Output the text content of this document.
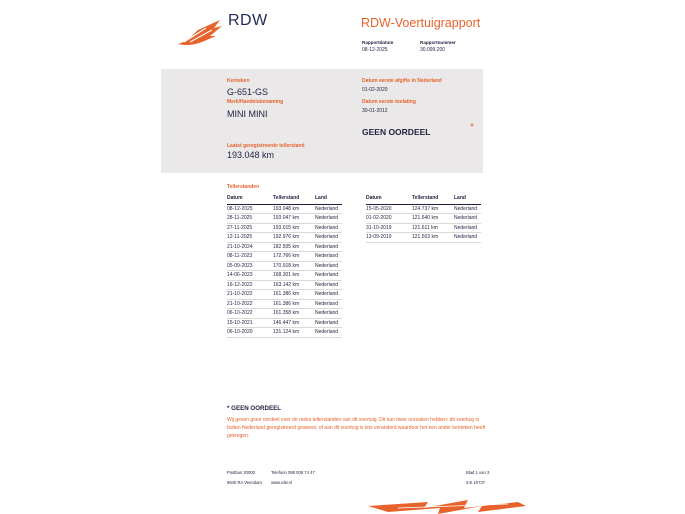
RDW	RDW-Voertuigrapport
Rapportdatum
08-12-2025
Rapportnummer
30.099.200
Kenteken
G-651-GS
Merk/Handelsbenaming
MINI MINI
Laatst geregistreerde tellerstand
193.048 km
Datum eerste afgifte in Nederland
01-02-2020
Datum eerste toelating
30-01-2012
GEEN OORDEEL	*
Tellerstanden
Datum	Tellerstand	Land
08-12-2025	193.048 km	Nederland
28-11-2025	193.047 km	Nederland
27-11-2025	193.015 km	Nederland
12-11-2025	192.976 km	Nederland
21-10-2024	182.505 km	Nederland
08-11-2023	172.766 km	Nederland
05-09-2023	170.918 km	Nederland
14-06-2023	168.301 km	Nederland
16-12-2022	163.142 km	Nederland
21-10-2022	161.386 km	Nederland
21-10-2022	161.386 km	Nederland
06-10-2022	161.358 km	Nederland
15-10-2021	146.447 km	Nederland
06-10-2020	131.124 km	Nederland
Datum	Tellerstand	Land
15-05-2020	124.737 km	Nederland
01-02-2020	121.640 km	Nederland
31-10-2019	121.611 km	Nederland
13-09-2019	121.503 km	Nederland
* GEEN OORDEEL
Wij geven geen oordeel over de reeks tellerstanden van dit voertuig. Dit kan twee oorzaken hebben: dit voertuig is buiten Nederland geregistreerd geweest, of aan dit voertuig is iets veranderd waardoor het een ander kenteken heeft gekregen.
Postbus 30000
9640 RA Veendam
Telefoon 088 008 74 47
www.rdw.nl
Blad 1 van 3
3.E 10737
